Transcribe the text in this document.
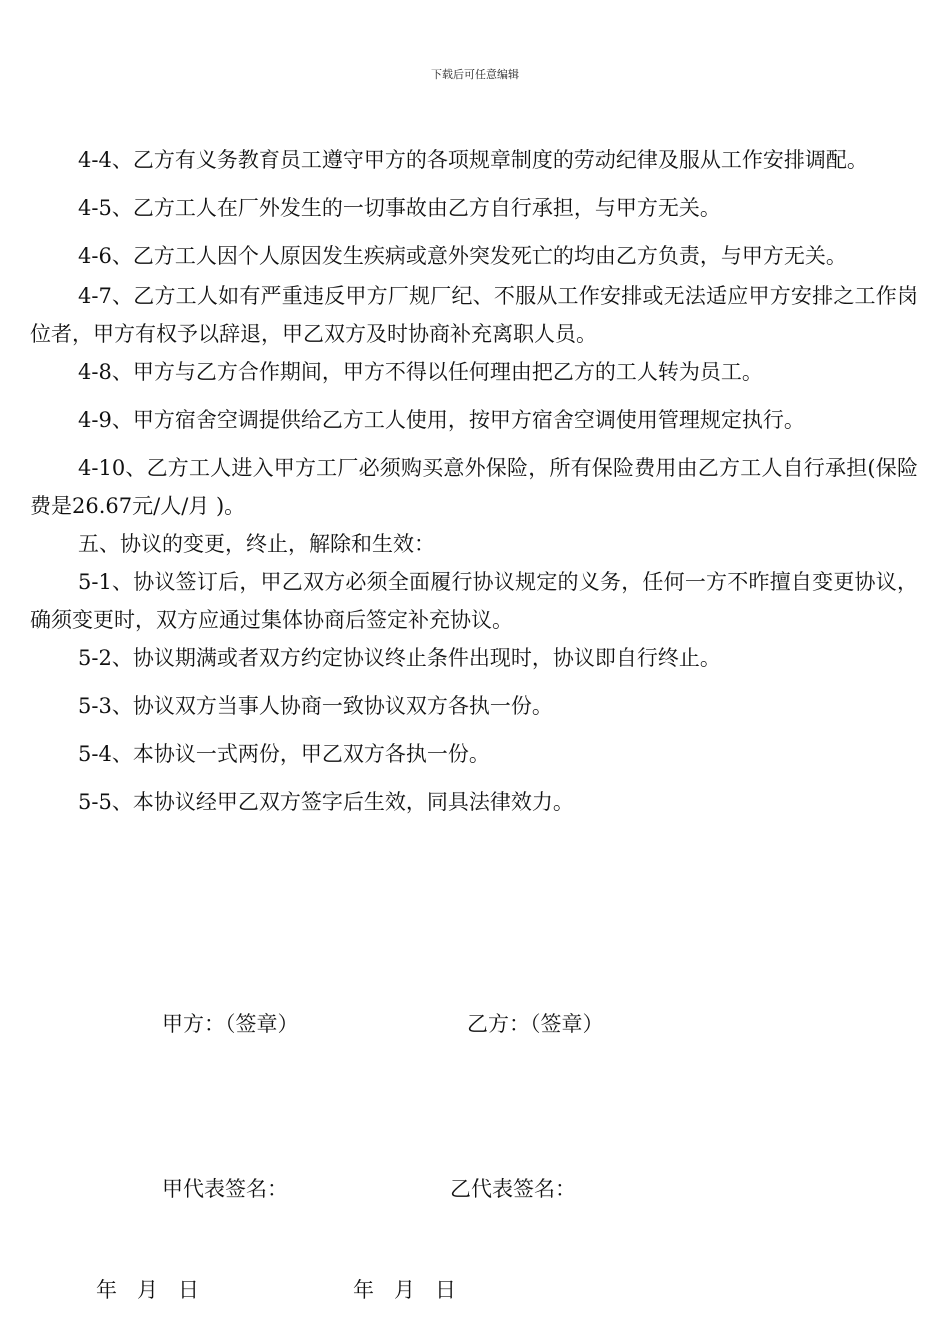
下载后可任意编辑

4-4、乙方有义务教育员工遵守甲方的各项规章制度的劳动纪律及服从工作安排调配。

4-5、乙方工人在厂外发生的一切事故由乙方自行承担，与甲方无关。

4-6、乙方工人因个人原因发生疾病或意外突发死亡的均由乙方负责，与甲方无关。

4-7、乙方工人如有严重违反甲方厂规厂纪、不服从工作安排或无法适应甲方安排之工作岗位者，甲方有权予以辞退，甲乙双方及时协商补充离职人员。

4-8、甲方与乙方合作期间，甲方不得以任何理由把乙方的工人转为员工。

4-9、甲方宿舍空调提供给乙方工人使用，按甲方宿舍空调使用管理规定执行。

4-10、乙方工人进入甲方工厂必须购买意外保险，所有保险费用由乙方工人自行承担(保险费是26.67元/人/月 )。

五、协议的变更，终止，解除和生效：

5-1、协议签订后，甲乙双方必须全面履行协议规定的义务，任何一方不昨擅自变更协议，确须变更时，双方应通过集体协商后签定补充协议。

5-2、协议期满或者双方约定协议终止条件出现时，协议即自行终止。

5-3、协议双方当事人协商一致协议双方各执一份。

5-4、本协议一式两份，甲乙双方各执一份。

5-5、本协议经甲乙双方签字后生效，同具法律效力。

甲方：（签章）	乙方：（签章）
甲代表签名：	乙代表签名：
年   月   日	年   月   日
